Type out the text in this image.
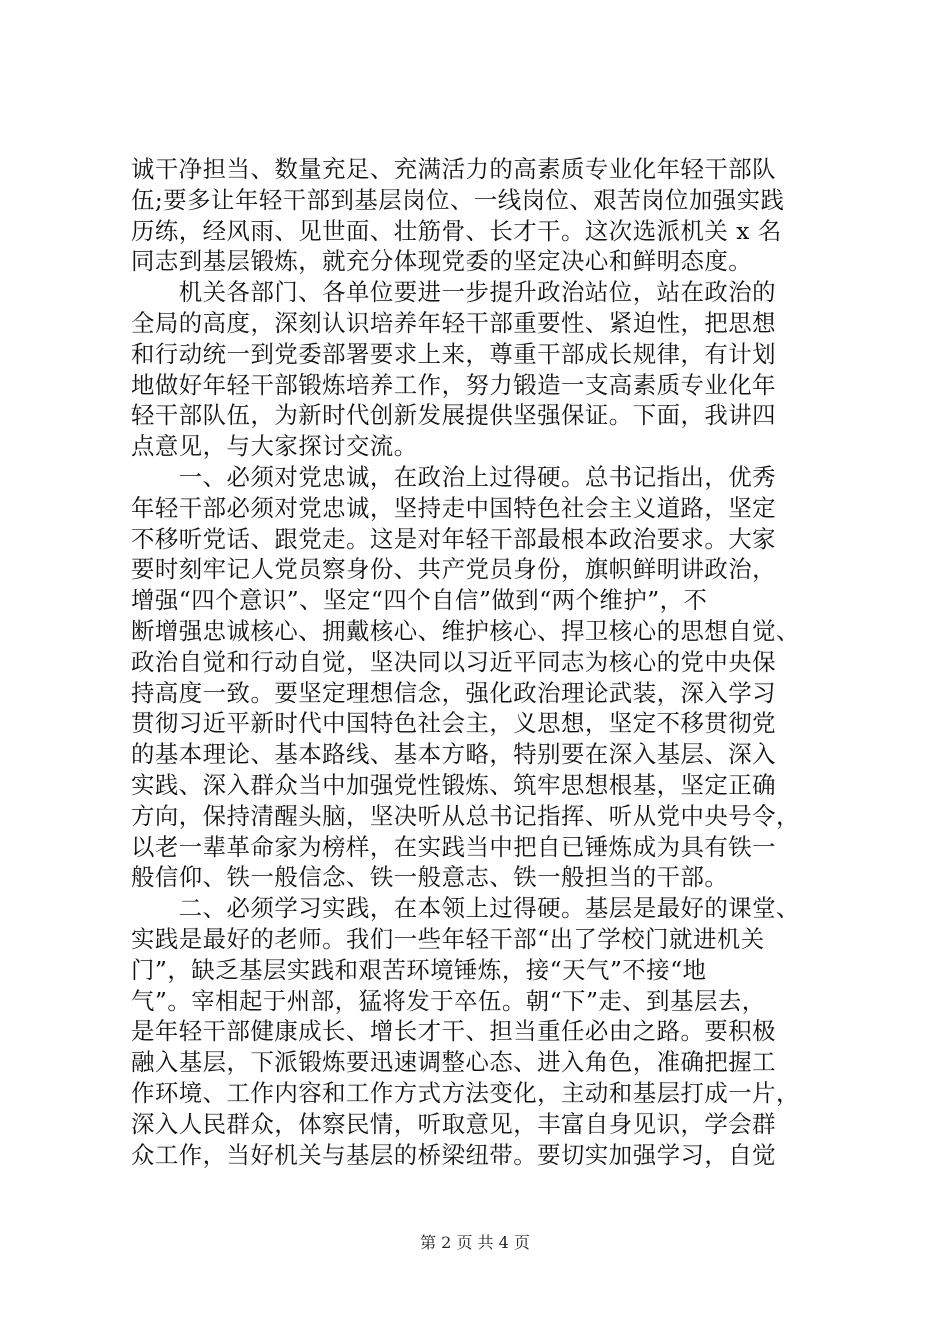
诚干净担当、数量充足、充满活力的高素质专业化年轻干部队
伍;要多让年轻干部到基层岗位、一线岗位、艰苦岗位加强实践
历练，经风雨、见世面、壮筋骨、长才干。这次选派机关 x 名
同志到基层锻炼，就充分体现党委的坚定决心和鲜明态度。
　　机关各部门、各单位要进一步提升政治站位，站在政治的
全局的高度，深刻认识培养年轻干部重要性、紧迫性，把思想
和行动统一到党委部署要求上来，尊重干部成长规律，有计划
地做好年轻干部锻炼培养工作，努力锻造一支高素质专业化年
轻干部队伍，为新时代创新发展提供坚强保证。下面，我讲四
点意见，与大家探讨交流。
　　一、必须对党忠诚，在政治上过得硬。总书记指出，优秀
年轻干部必须对党忠诚，坚持走中国特色社会主义道路，坚定
不移听党话、跟党走。这是对年轻干部最根本政治要求。大家
要时刻牢记人党员察身份、共产党员身份，旗帜鲜明讲政治，
增强“四个意识”、坚定“四个自信”做到“两个维护”，不
断增强忠诚核心、拥戴核心、维护核心、捍卫核心的思想自觉、
政治自觉和行动自觉，坚决同以习近平同志为核心的党中央保
持高度一致。要坚定理想信念，强化政治理论武装，深入学习
贯彻习近平新时代中国特色社会主，义思想，坚定不移贯彻党
的基本理论、基本路线、基本方略，特别要在深入基层、深入
实践、深入群众当中加强党性锻炼、筑牢思想根基，坚定正确
方向，保持清醒头脑，坚决听从总书记指挥、听从党中央号令，
以老一辈革命家为榜样，在实践当中把自已锤炼成为具有铁一
般信仰、铁一般信念、铁一般意志、铁一般担当的干部。
　　二、必须学习实践，在本领上过得硬。基层是最好的课堂、
实践是最好的老师。我们一些年轻干部“出了学校门就进机关
门”，缺乏基层实践和艰苦环境锤炼，接“天气”不接“地
气”。宰相起于州部，猛将发于卒伍。朝“下”走、到基层去，
是年轻干部健康成长、增长才干、担当重任必由之路。要积极
融入基层，下派锻炼要迅速调整心态、进入角色，准确把握工
作环境、工作内容和工作方式方法变化，主动和基层打成一片，
深入人民群众，体察民情，听取意见，丰富自身见识，学会群
众工作，当好机关与基层的桥梁纽带。要切实加强学习，自觉
第 2 页 共 4 页
